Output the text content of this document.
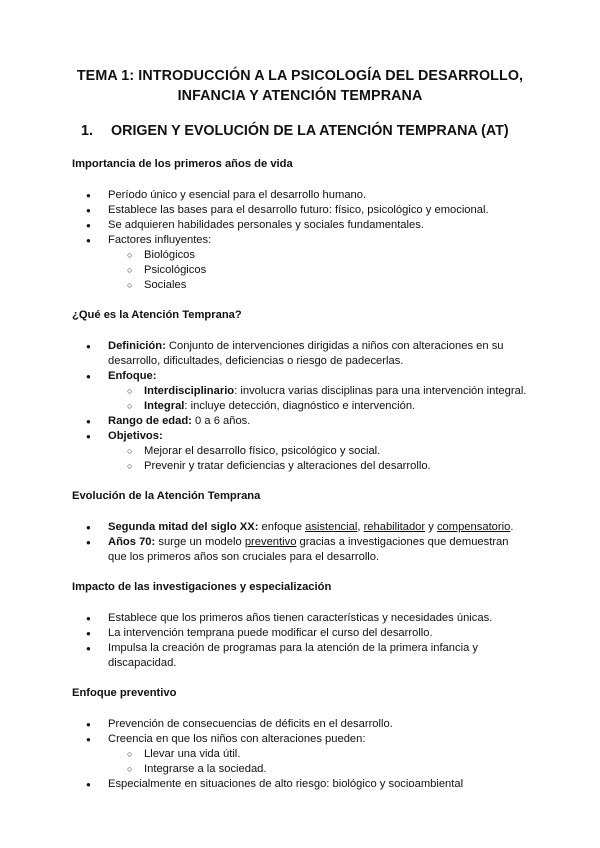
TEMA 1: INTRODUCCIÓN A LA PSICOLOGÍA DEL DESARROLLO,
INFANCIA Y ATENCIÓN TEMPRANA
1. ORIGEN Y EVOLUCIÓN DE LA ATENCIÓN TEMPRANA (AT)
Importancia de los primeros años de vida
● Período único y esencial para el desarrollo humano.
● Establece las bases para el desarrollo futuro: físico, psicológico y emocional.
● Se adquieren habilidades personales y sociales fundamentales.
● Factores influyentes:
○ Biológicos
○ Psicológicos
○ Sociales
¿Qué es la Atención Temprana?
● Definición: Conjunto de intervenciones dirigidas a niños con alteraciones en su desarrollo, dificultades, deficiencias o riesgo de padecerlas.
● Enfoque:
○ Interdisciplinario: involucra varias disciplinas para una intervención integral.
○ Integral: incluye detección, diagnóstico e intervención.
● Rango de edad: 0 a 6 años.
● Objetivos:
○ Mejorar el desarrollo físico, psicológico y social.
○ Prevenir y tratar deficiencias y alteraciones del desarrollo.
Evolución de la Atención Temprana
● Segunda mitad del siglo XX: enfoque asistencial, rehabilitador y compensatorio.
● Años 70: surge un modelo preventivo gracias a investigaciones que demuestran que los primeros años son cruciales para el desarrollo.
Impacto de las investigaciones y especialización
● Establece que los primeros años tienen características y necesidades únicas.
● La intervención temprana puede modificar el curso del desarrollo.
● Impulsa la creación de programas para la atención de la primera infancia y discapacidad.
Enfoque preventivo
● Prevención de consecuencias de déficits en el desarrollo.
● Creencia en que los niños con alteraciones pueden:
○ Llevar una vida útil.
○ Integrarse a la sociedad.
● Especialmente en situaciones de alto riesgo: biológico y socioambiental
